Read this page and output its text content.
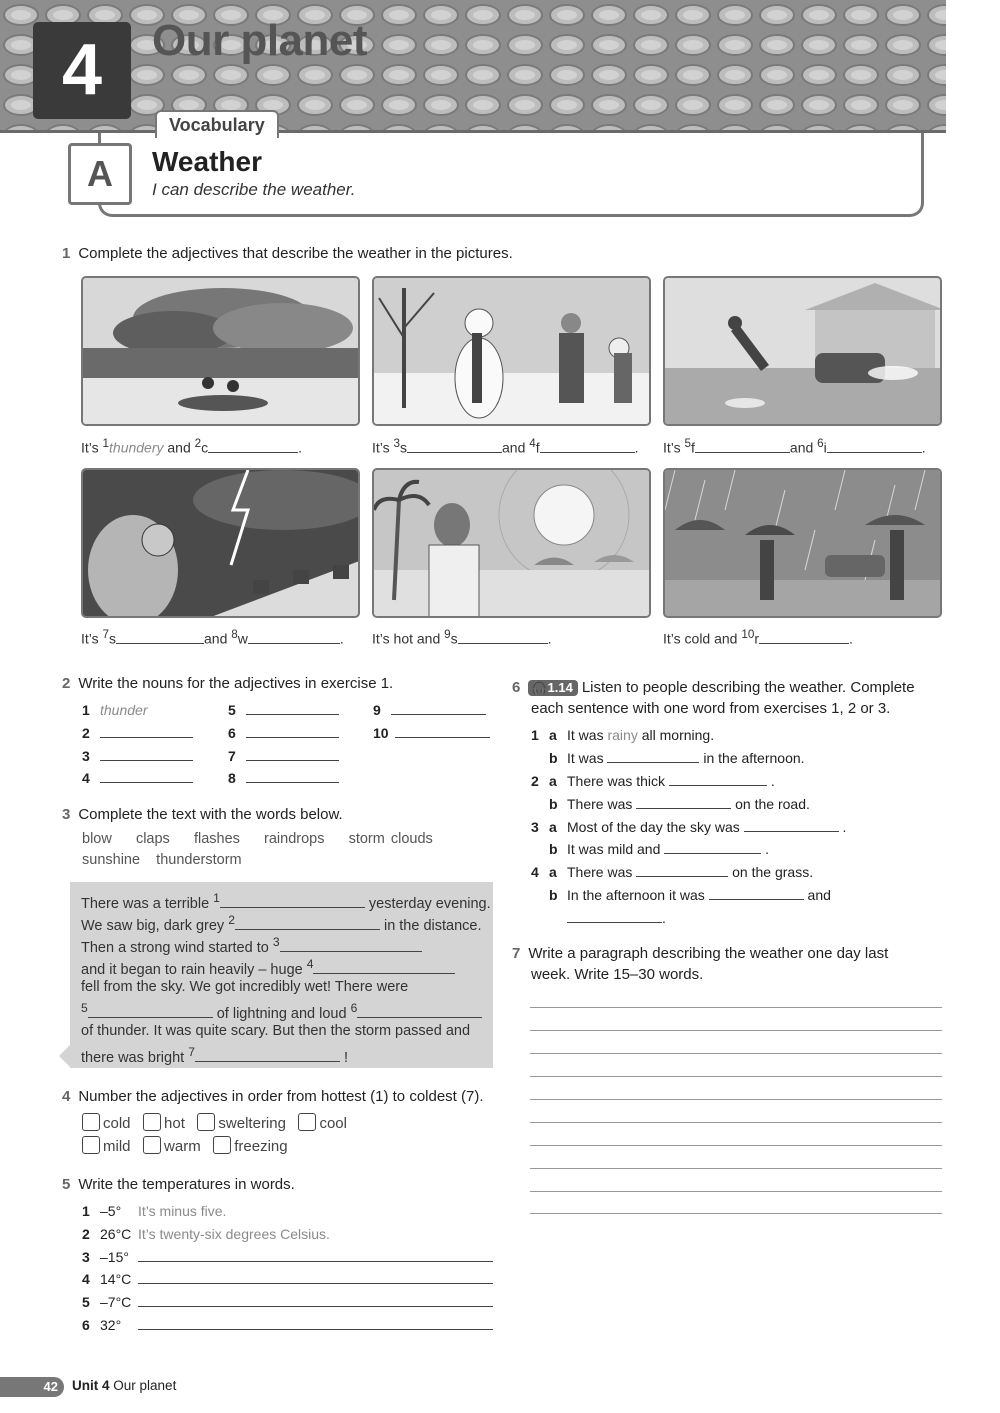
4	Our planet
Vocabulary
A	Weather
I can describe the weather.
1 Complete the adjectives that describe the weather in the pictures.
It’s $^1$thundery and $^2$c	.	It’s $^3$s	and $^4$f	. It’s $^5$f	and $^6$i	.
It’s $^7$s	and $^8$w	. It’s hot and $^9$s	.	It’s cold and $^{10}$r	.
2 Write the nouns for the adjectives in exercise 1.
1 thunder
2
3
4
5
6
7
8
9
10
3 Complete the text with the words below.
blow claps flashes raindrops storm clouds
sunshine thunderstorm
There was a terrible $^1$	yesterday evening.
We saw big, dark grey $^2$	in the distance.
Then a strong wind started to $^3$
and it began to rain heavily – huge $^4$
fell from the sky. We got incredibly wet! There were
$^5$	of lightning and loud $^6$
of thunder. It was quite scary. But then the storm passed and
there was bright $^7$	!
4 Number the adjectives in order from hottest (1) to coldest (7).
cold hot sweltering cool
mild warm freezing
5 Write the temperatures in words.
1 –5° It’s minus five.
2 26°C It’s twenty-six degrees Celsius.
3 –15°
4 14°C
5 –7°C
6 32°
6 🎧1.14 Listen to people describing the weather. Complete
each sentence with one word from exercises 1, 2 or 3.
1 a It was rainy all morning.
b It was	in the afternoon.
2 a There was thick	.
b There was	on the road.
3 a Most of the day the sky was	.
b It was mild and	.
4 a There was	on the grass.
b In the afternoon it was	and
.
7 Write a paragraph describing the weather one day last
week. Write 15–30 words.
42	Unit 4 Our planet
